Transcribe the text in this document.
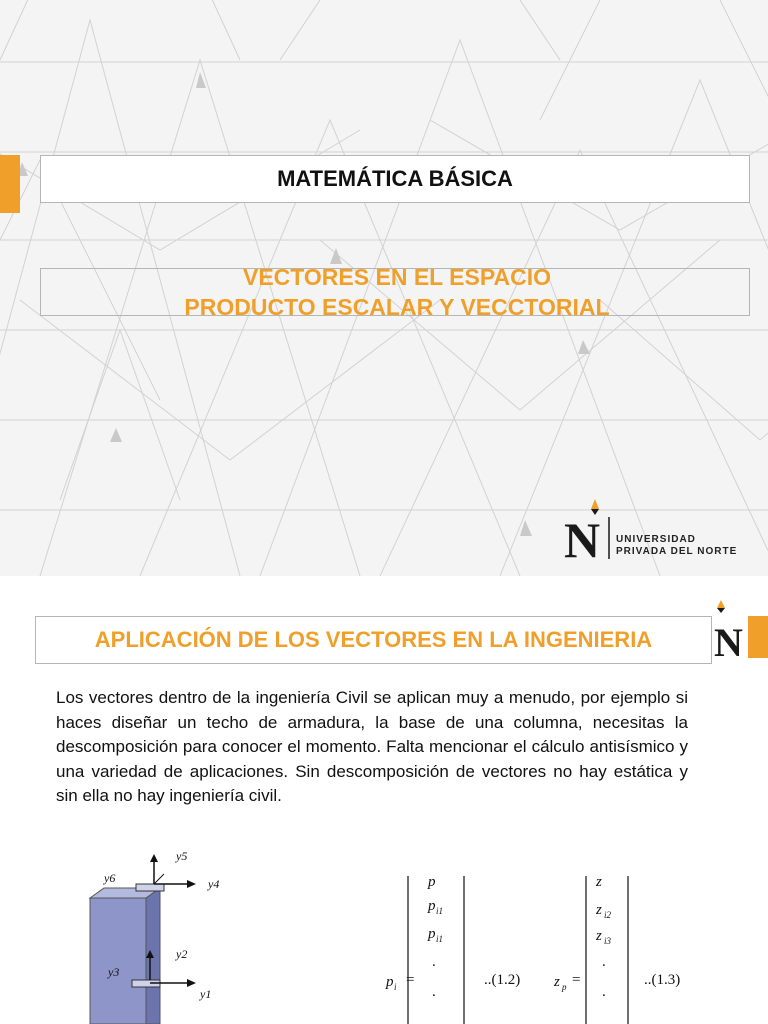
MATEMÁTICA BÁSICA
VECTORES EN EL ESPACIO
PRODUCTO ESCALAR Y VECCTORIAL
N UNIVERSIDAD
PRIVADA DEL NORTE
APLICACIÓN DE LOS VECTORES EN LA INGENIERIA	N
Los vectores dentro de la ingeniería Civil se aplican muy a menudo, por ejemplo si haces diseñar un techo de armadura, la base de una columna, necesitas la descomposición para conocer el momento. Falta mencionar el cálculo antisísmico y una variedad de aplicaciones. Sin descomposición de vectores no hay estática y sin ella no hay ingeniería civil.
y5
y6	y4
y3
y2
y1
p
p i1
p i1
.
.
p i =	..(1.2)
z
z i2
z i3
.
.
z p =	..(1.3)
